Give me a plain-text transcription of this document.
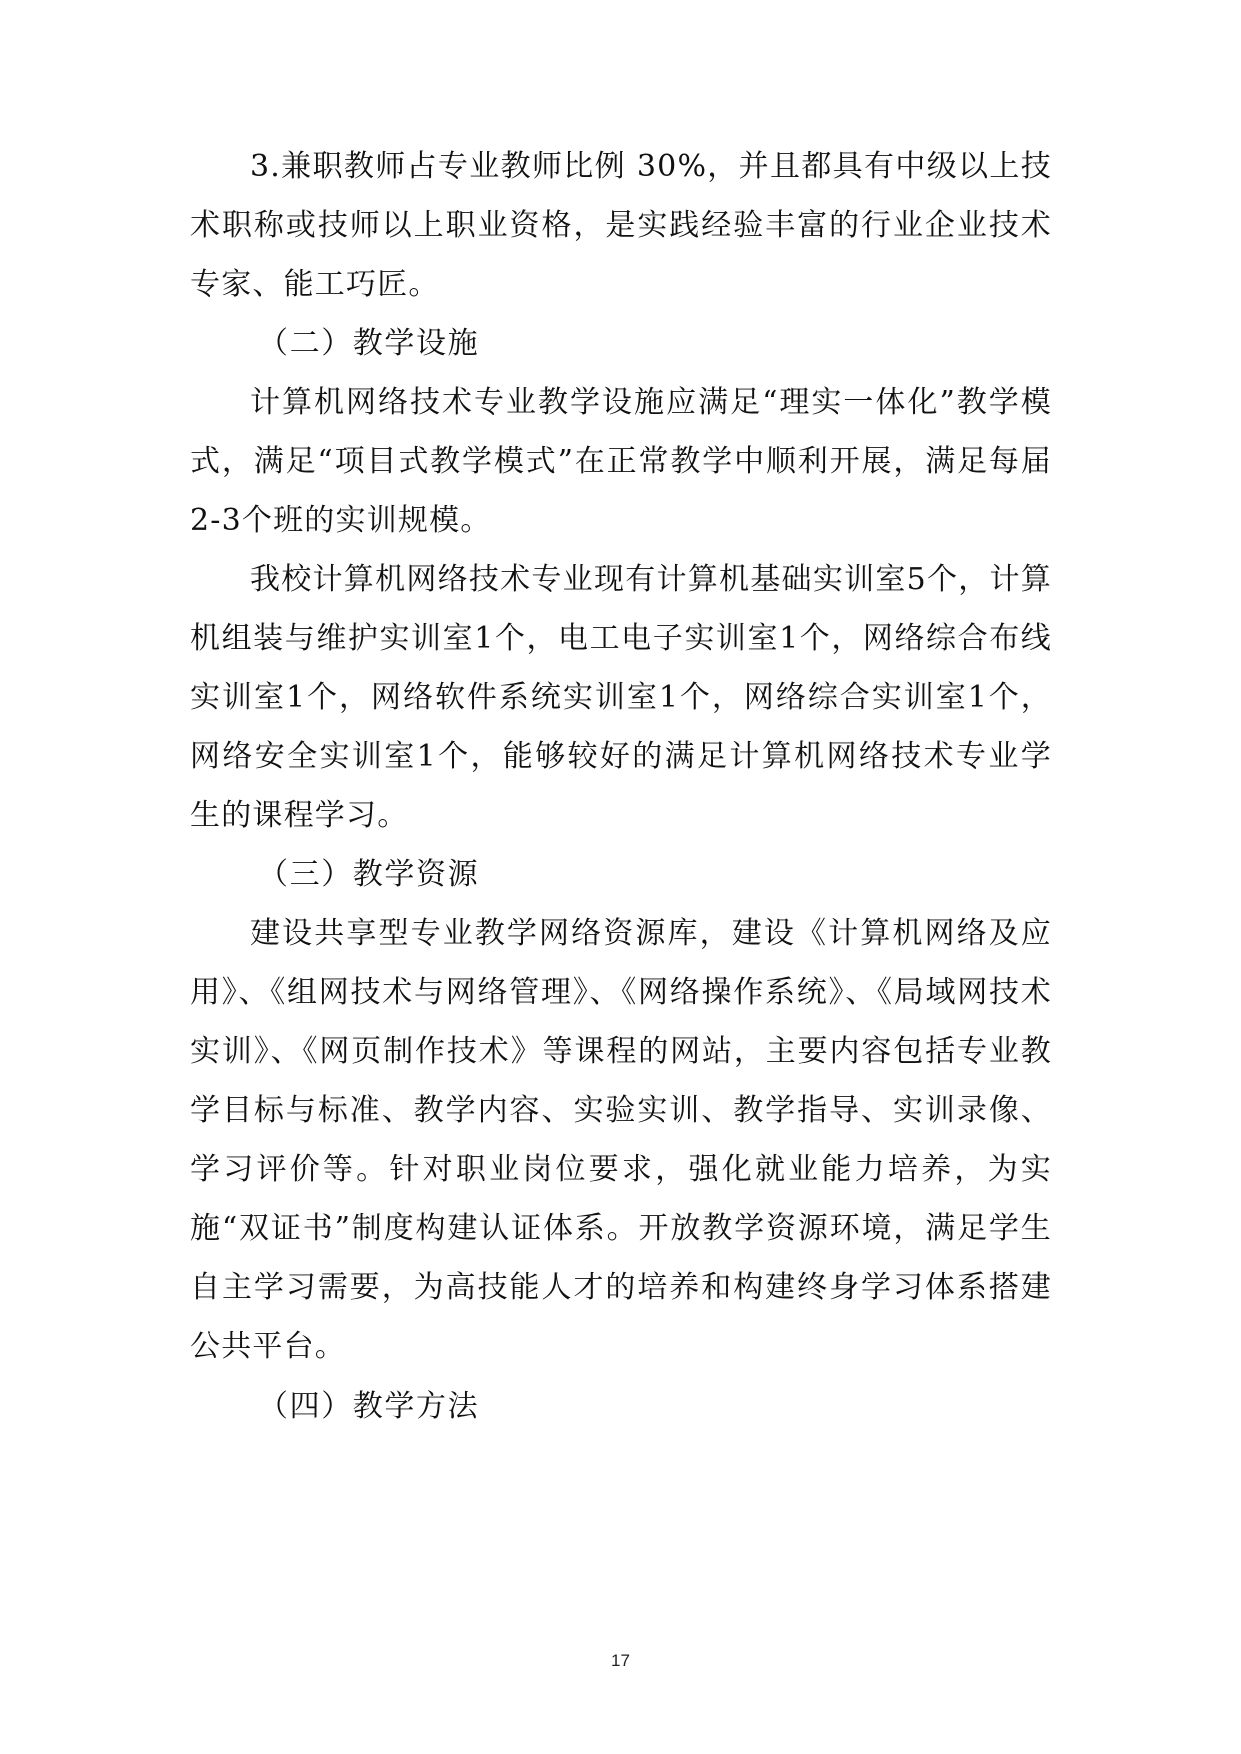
3.兼职教师占专业教师比例 30%，并且都具有中级以上技术职称或技师以上职业资格，是实践经验丰富的行业企业技术专家、能工巧匠。

（二）教学设施

计算机网络技术专业教学设施应满足“理实一体化”教学模式，满足“项目式教学模式”在正常教学中顺利开展，满足每届2-3个班的实训规模。

我校计算机网络技术专业现有计算机基础实训室5个，计算机组装与维护实训室1个，电工电子实训室1个，网络综合布线实训室1个，网络软件系统实训室1个，网络综合实训室1个，网络安全实训室1个，能够较好的满足计算机网络技术专业学生的课程学习。

（三）教学资源

建设共享型专业教学网络资源库，建设《计算机网络及应用》、《组网技术与网络管理》、《网络操作系统》、《局域网技术实训》、《网页制作技术》等课程的网站，主要内容包括专业教学目标与标准、教学内容、实验实训、教学指导、实训录像、学习评价等。针对职业岗位要求，强化就业能力培养，为实施“双证书”制度构建认证体系。开放教学资源环境，满足学生自主学习需要，为高技能人才的培养和构建终身学习体系搭建公共平台。

（四）教学方法

17
